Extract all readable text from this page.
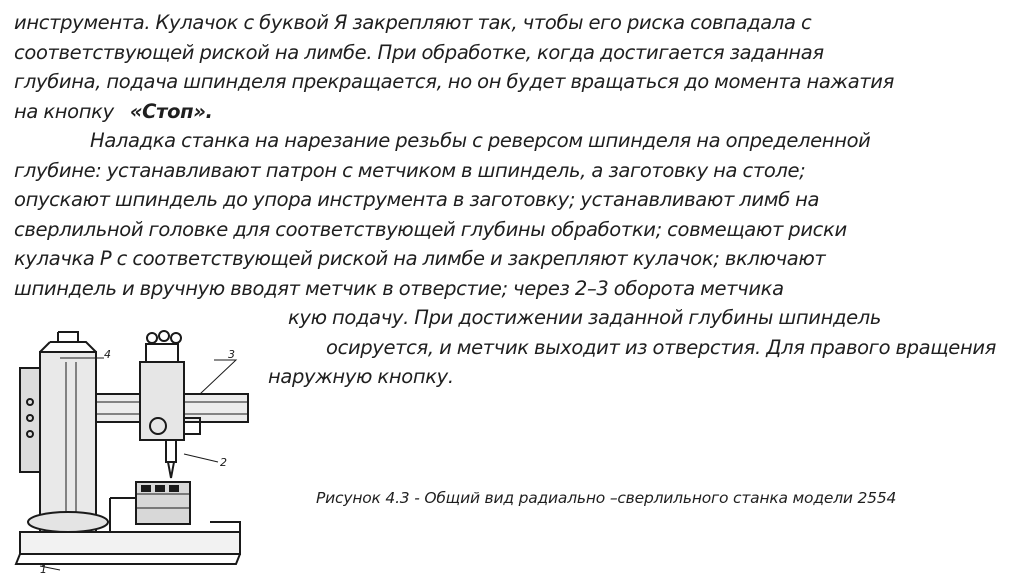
инструмента. Кулачок с буквой Я закрепляют так, чтобы его риска совпадала с
соответствующей риской на лимбе. При обработке, когда достигается заданная
глубина, подача шпинделя прекращается, но он будет вращаться до момента нажатия
на кнопку «Стоп».
Наладка станка на нарезание резьбы с реверсом шпинделя на определенной
глубине: устанавливают патрон с метчиком в шпиндель, а заготовку на столе;
опускают шпиндель до упора инструмента в заготовку; устанавливают лимб на
сверлильной головке для соответствующей глубины обработки; совмещают риски
кулачка Р с соответствующей риской на лимбе и закрепляют кулачок; включают
шпиндель и вручную вводят метчик в отверстие; через 2–3 оборота метчика
кую подачу. При достижении заданной глубины шпиндель
осируется, и метчик выходит из отверстия. Для правого вращения
наружную кнопку.
4	3
2
1
Рисунок 4.3 - Общий вид радиально –сверлильного станка модели 2554
